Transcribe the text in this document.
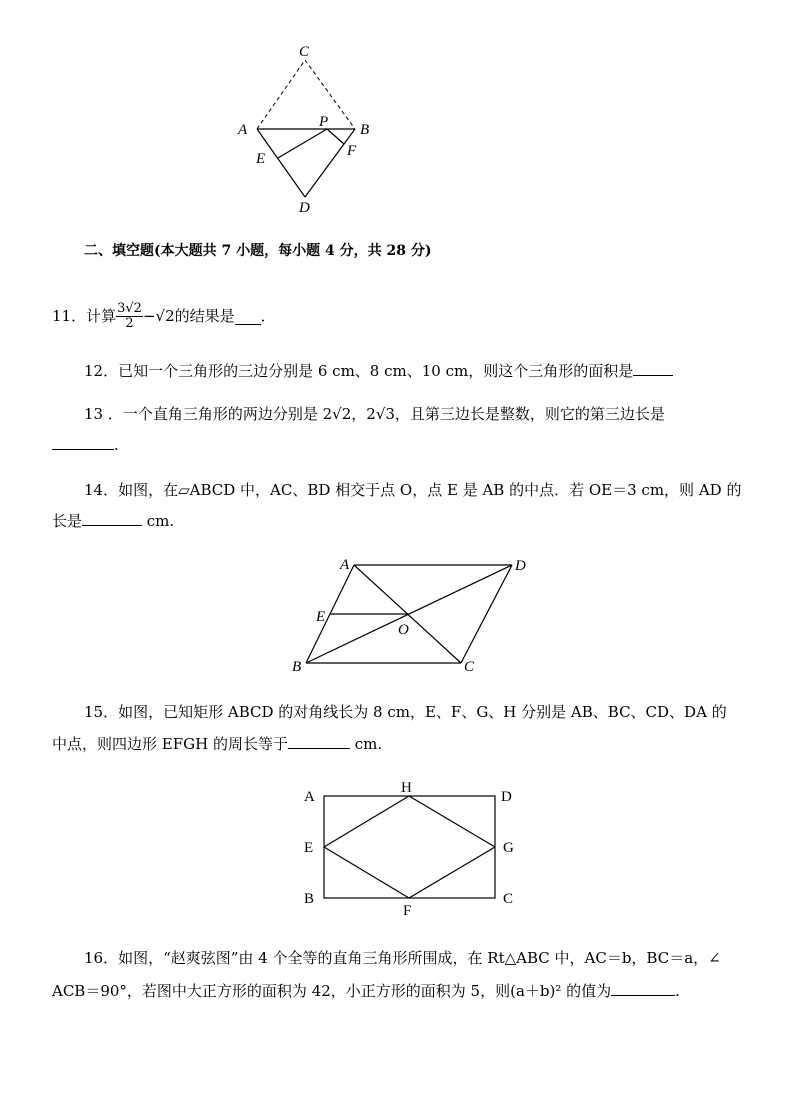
C
A	P B
E	F
D
二、填空题(本大题共 7 小题，每小题 4 分，共 28 分)
11． 计算 $\frac{3√2}{2} -√2$ 的结果是 ．
12．已知一个三角形的三边分别是 6 cm、8 cm、10 cm，则这个三角形的面积是
13 ．一个直角三角形的两边分别是 2√2，2√3，且第三边长是整数，则它的第三边长是
.
14．如图，在▱ABCD 中，AC、BD 相交于点 O，点 E 是 AB 的中点．若 OE＝3 cm，则 AD 的
长是	cm.
A	D
E
O
B	C
15．如图，已知矩形 ABCD 的对角线长为 8 cm，E、F、G、H 分别是 AB、BC、CD、DA 的
中点，则四边形 EFGH 的周长等于	cm.
A
H
D
E	G
B
F
C
16．如图，“赵爽弦图”由 4 个全等的直角三角形所围成，在 Rt△ABC 中，AC＝b，BC＝a，∠
ACB＝90°，若图中大正方形的面积为 42，小正方形的面积为 5，则(a＋b)² 的值为	.
